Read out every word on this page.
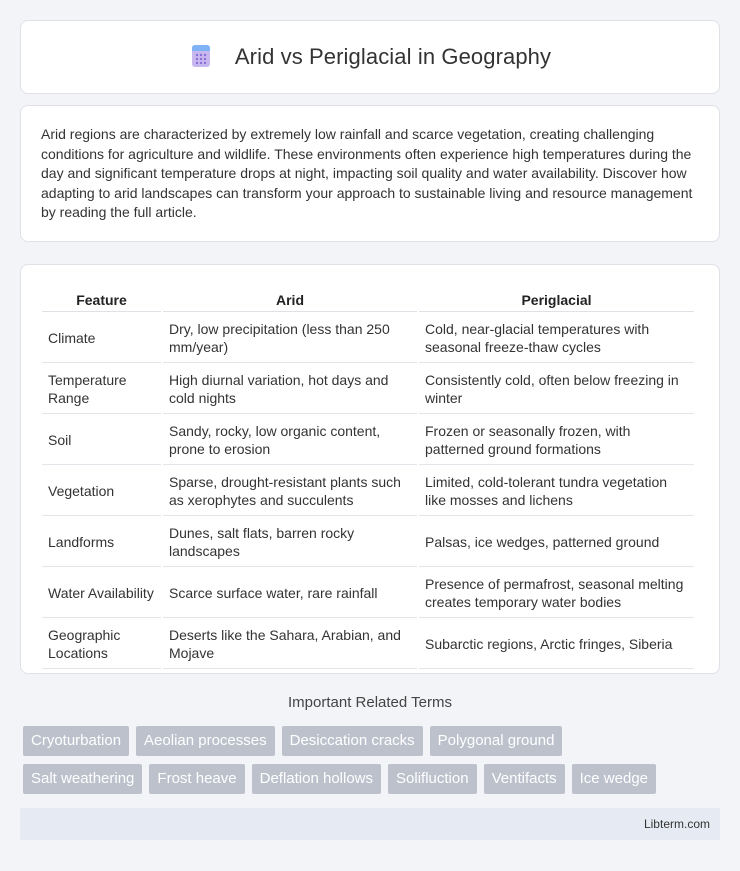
Arid vs Periglacial in Geography

Arid regions are characterized by extremely low rainfall and scarce vegetation, creating challenging conditions for agriculture and wildlife. These environments often experience high temperatures during the day and significant temperature drops at night, impacting soil quality and water availability. Discover how adapting to arid landscapes can transform your approach to sustainable living and resource management by reading the full article.

Feature	Arid	Periglacial
Climate	Dry, low precipitation (less than 250 mm/year)	Cold, near-glacial temperatures with seasonal freeze-thaw cycles
Temperature Range	High diurnal variation, hot days and cold nights	Consistently cold, often below freezing in winter
Soil	Sandy, rocky, low organic content, prone to erosion	Frozen or seasonally frozen, with patterned ground formations
Vegetation	Sparse, drought-resistant plants such as xerophytes and succulents	Limited, cold-tolerant tundra vegetation like mosses and lichens
Landforms	Dunes, salt flats, barren rocky landscapes	Palsas, ice wedges, patterned ground
Water Availability	Scarce surface water, rare rainfall	Presence of permafrost, seasonal melting creates temporary water bodies
Geographic Locations	Deserts like the Sahara, Arabian, and Mojave	Subarctic regions, Arctic fringes, Siberia
Important Related Terms
Cryoturbation	Aeolian processes	Desiccation cracks	Polygonal ground
Salt weathering	Frost heave	Deflation hollows	Solifluction	Ventifacts	Ice wedge
Libterm.com
